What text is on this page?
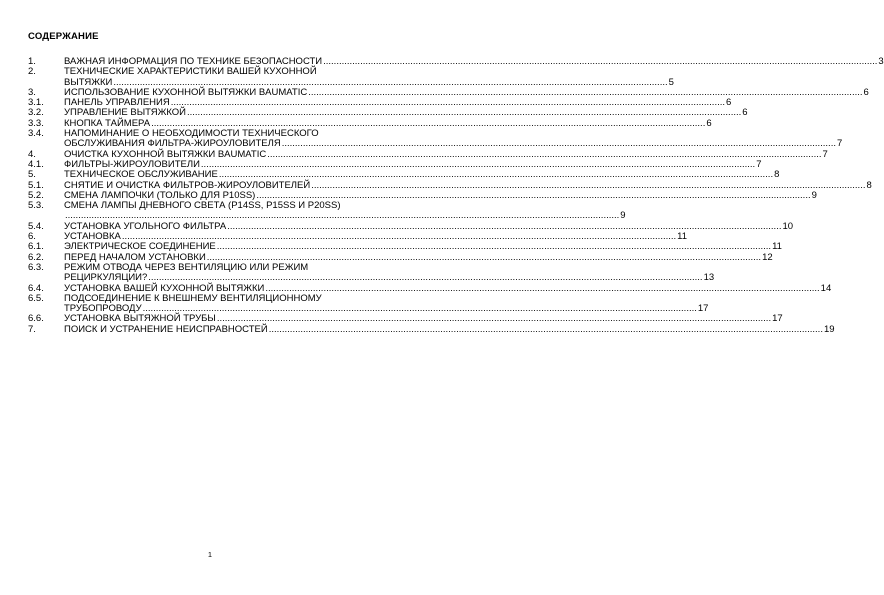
СОДЕРЖАНИЕ
1.	ВАЖНАЯ ИНФОРМАЦИЯ ПО ТЕХНИКЕ БЕЗОПАСНОСТИ .....	3
2.	ТЕХНИЧЕСКИЕ ХАРАКТЕРИСТИКИ ВАШЕЙ КУХОННОЙ
ВЫТЯЖКИ .....	5
3.	ИСПОЛЬЗОВАНИЕ КУХОННОЙ ВЫТЯЖКИ BAUMATIC .....	6
3.1.	ПАНЕЛЬ УПРАВЛЕНИЯ .....	6
3.2.	УПРАВЛЕНИЕ ВЫТЯЖКОЙ .....	6
3.3.	КНОПКА ТАЙМЕРА .....	6
3.4.	НАПОМИНАНИЕ О НЕОБХОДИМОСТИ ТЕХНИЧЕСКОГО
ОБСЛУЖИВАНИЯ ФИЛЬТРА-ЖИРОУЛОВИТЕЛЯ .....	7
4.	ОЧИСТКА КУХОННОЙ ВЫТЯЖКИ BAUMATIC .....	7
4.1.	ФИЛЬТРЫ-ЖИРОУЛОВИТЕЛИ .....	7
5.	ТЕХНИЧЕСКОЕ ОБСЛУЖИВАНИЕ .....	8
5.1.	СНЯТИЕ И ОЧИСТКА ФИЛЬТРОВ-ЖИРОУЛОВИТЕЛЕЙ .....	8
5.2.	СМЕНА ЛАМПОЧКИ (ТОЛЬКО ДЛЯ P10SS) .....	9
5.3.	СМЕНА ЛАМПЫ ДНЕВНОГО СВЕТА (P14SS, P15SS И P20SS)
.....
9
5.4.	УСТАНОВКА УГОЛЬНОГО ФИЛЬТРА .....	10
6.	УСТАНОВКА .....	11
6.1.	ЭЛЕКТРИЧЕСКОЕ СОЕДИНЕНИЕ .....	11
6.2.	ПЕРЕД НАЧАЛОМ УСТАНОВКИ .....	12
6.3.	РЕЖИМ ОТВОДА ЧЕРЕЗ ВЕНТИЛЯЦИЮ ИЛИ РЕЖИМ
РЕЦИРКУЛЯЦИИ? .....	13
6.4.	УСТАНОВКА ВАШЕЙ КУХОННОЙ ВЫТЯЖКИ .....	14
6.5.	ПОДСОЕДИНЕНИЕ К ВНЕШНЕМУ ВЕНТИЛЯЦИОННОМУ
ТРУБОПРОВОДУ .....	17
6.6.	УСТАНОВКА ВЫТЯЖНОЙ ТРУБЫ .....	17
7.	ПОИСК И УСТРАНЕНИЕ НЕИСПРАВНОСТЕЙ .....	19
1
